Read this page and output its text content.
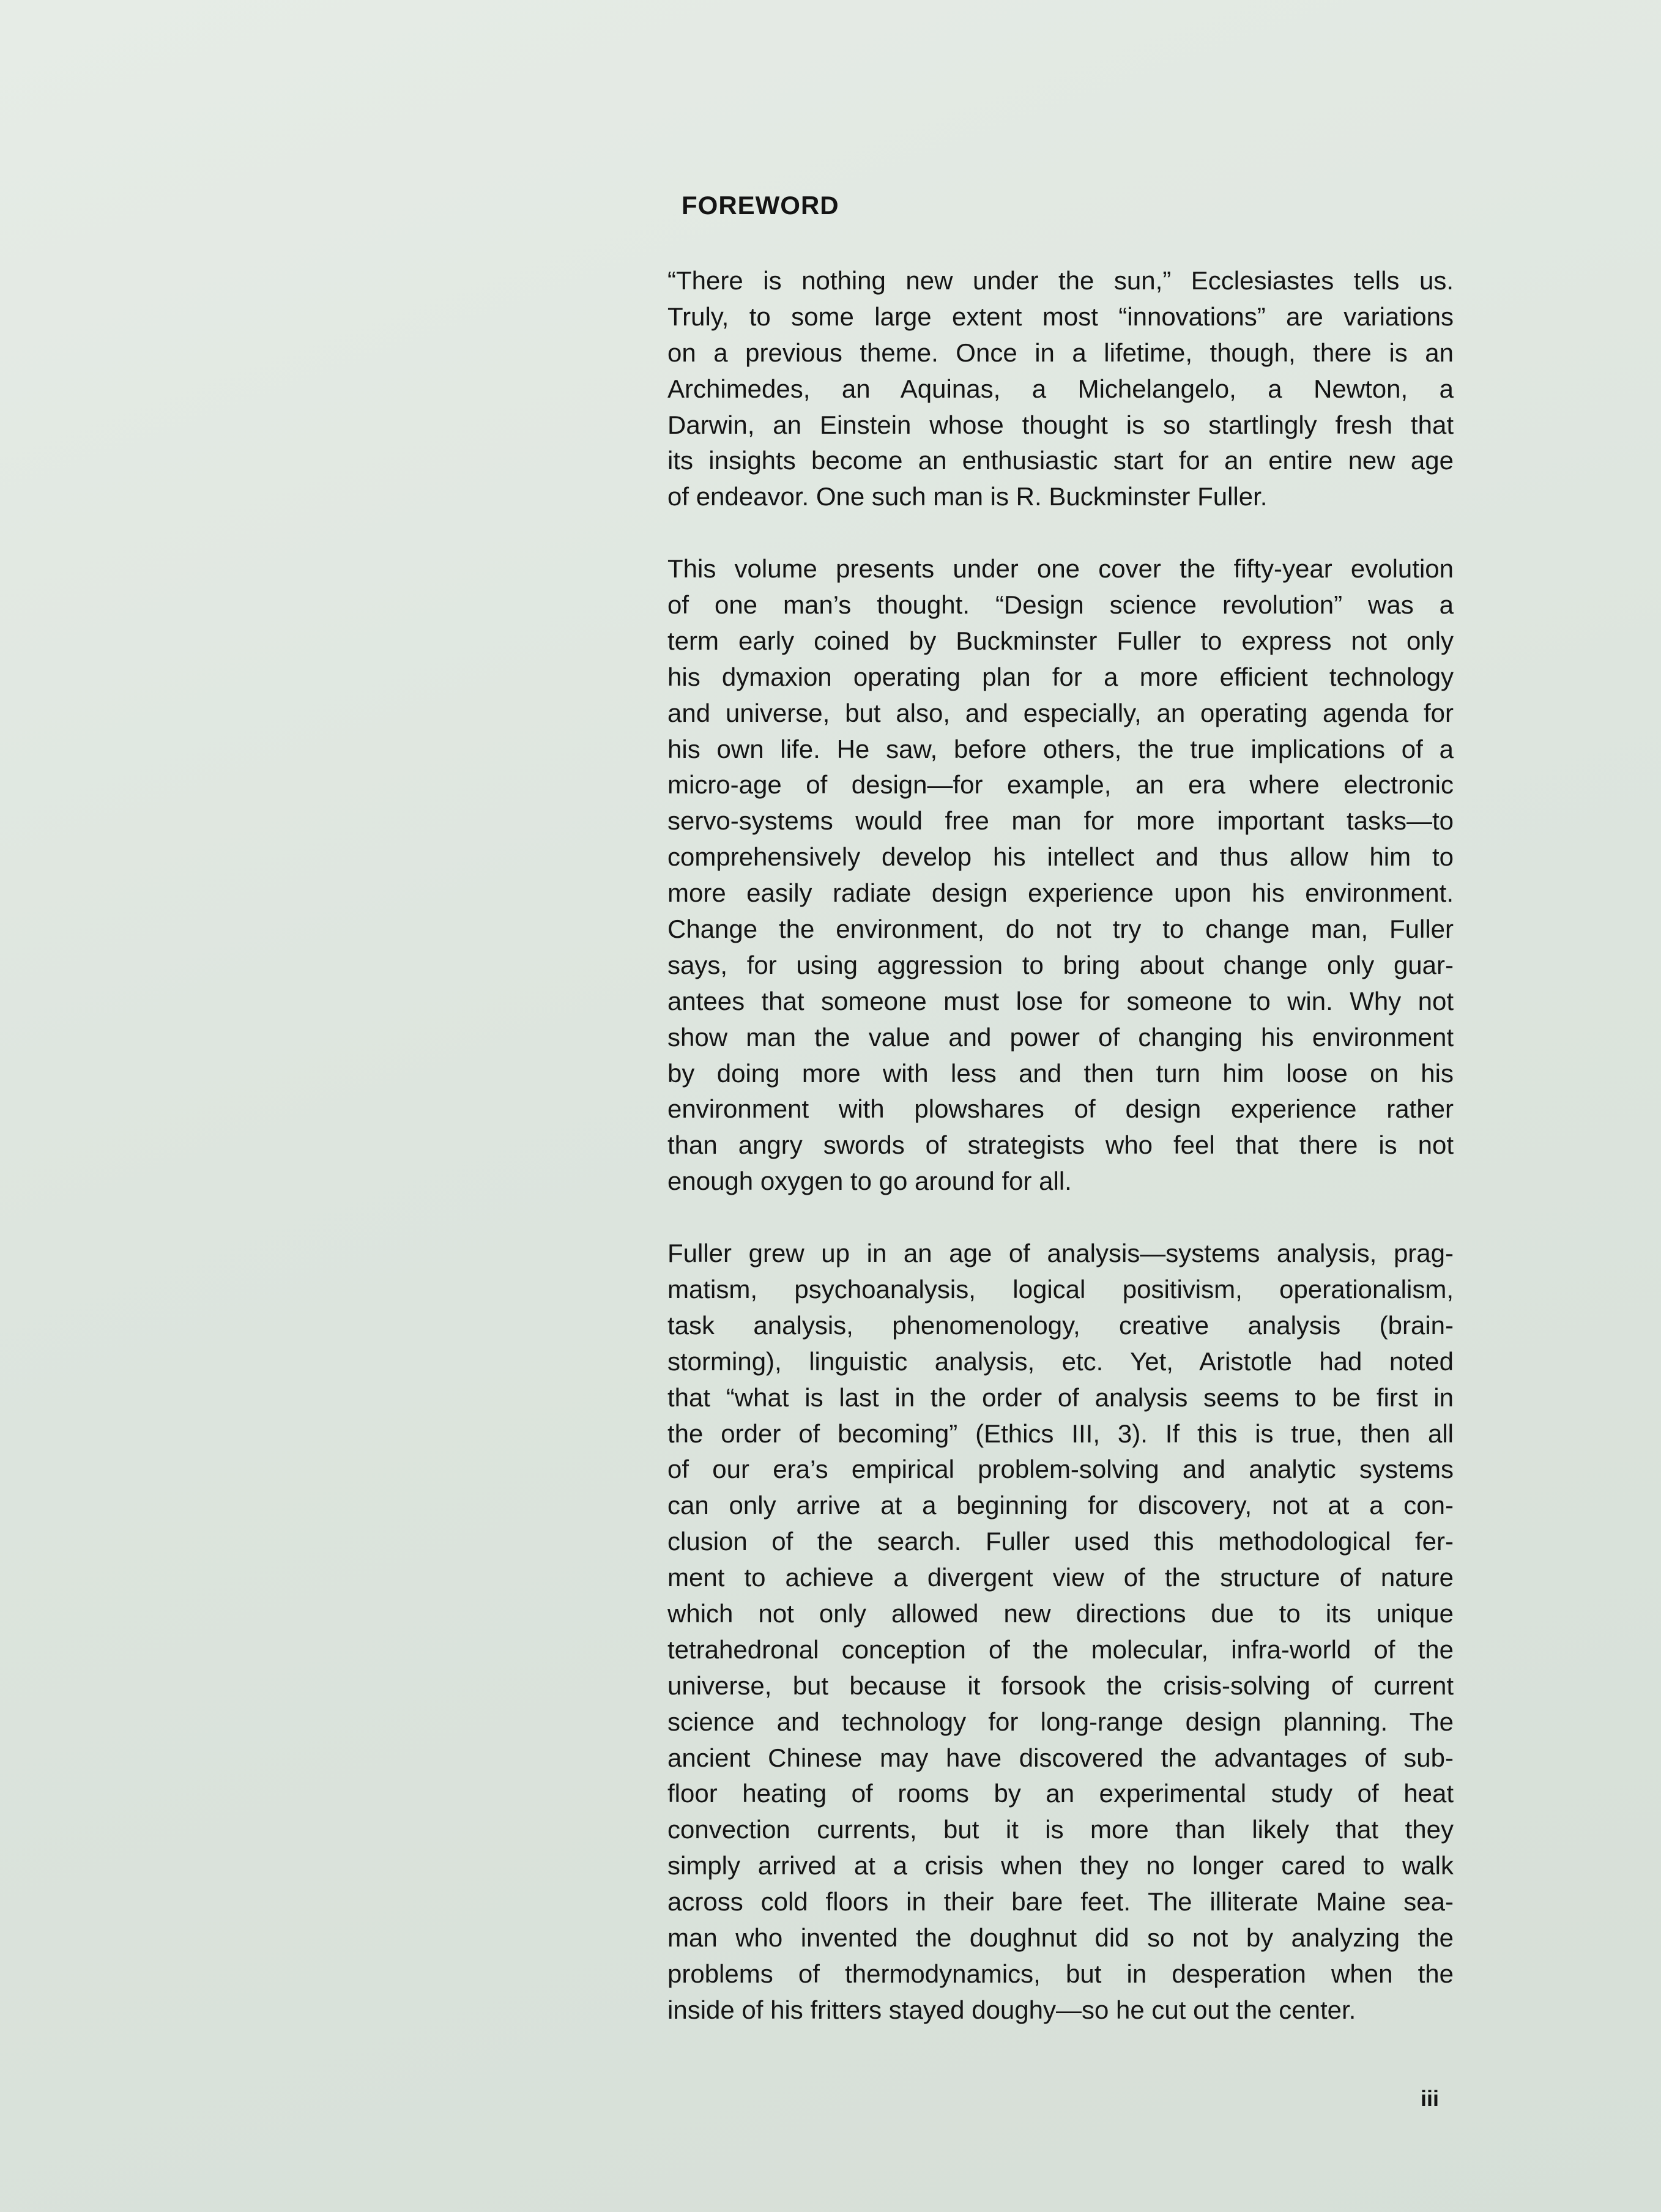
FOREWORD
“There is nothing new under the sun,” Ecclesiastes tells us.
Truly, to some large extent most “innovations” are variations
on a previous theme. Once in a lifetime, though, there is an
Archimedes, an Aquinas, a Michelangelo, a Newton, a
Darwin, an Einstein whose thought is so startlingly fresh that
its insights become an enthusiastic start for an entire new age
of endeavor. One such man is R. Buckminster Fuller.
This volume presents under one cover the fifty-year evolution
of one man’s thought. “Design science revolution” was a
term early coined by Buckminster Fuller to express not only
his dymaxion operating plan for a more efficient technology
and universe, but also, and especially, an operating agenda for
his own life. He saw, before others, the true implications of a
micro-age of design—for example, an era where electronic
servo-systems would free man for more important tasks—to
comprehensively develop his intellect and thus allow him to
more easily radiate design experience upon his environment.
Change the environment, do not try to change man, Fuller
says, for using aggression to bring about change only guar-
antees that someone must lose for someone to win. Why not
show man the value and power of changing his environment
by doing more with less and then turn him loose on his
environment with plowshares of design experience rather
than angry swords of strategists who feel that there is not
enough oxygen to go around for all.
Fuller grew up in an age of analysis—systems analysis, prag-
matism, psychoanalysis, logical positivism, operationalism,
task analysis, phenomenology, creative analysis (brain-
storming), linguistic analysis, etc. Yet, Aristotle had noted
that “what is last in the order of analysis seems to be first in
the order of becoming” (Ethics III, 3). If this is true, then all
of our era’s empirical problem-solving and analytic systems
can only arrive at a beginning for discovery, not at a con-
clusion of the search. Fuller used this methodological fer-
ment to achieve a divergent view of the structure of nature
which not only allowed new directions due to its unique
tetrahedronal conception of the molecular, infra-world of the
universe, but because it forsook the crisis-solving of current
science and technology for long-range design planning. The
ancient Chinese may have discovered the advantages of sub-
floor heating of rooms by an experimental study of heat
convection currents, but it is more than likely that they
simply arrived at a crisis when they no longer cared to walk
across cold floors in their bare feet. The illiterate Maine sea-
man who invented the doughnut did so not by analyzing the
problems of thermodynamics, but in desperation when the
inside of his fritters stayed doughy—so he cut out the center.
iii
